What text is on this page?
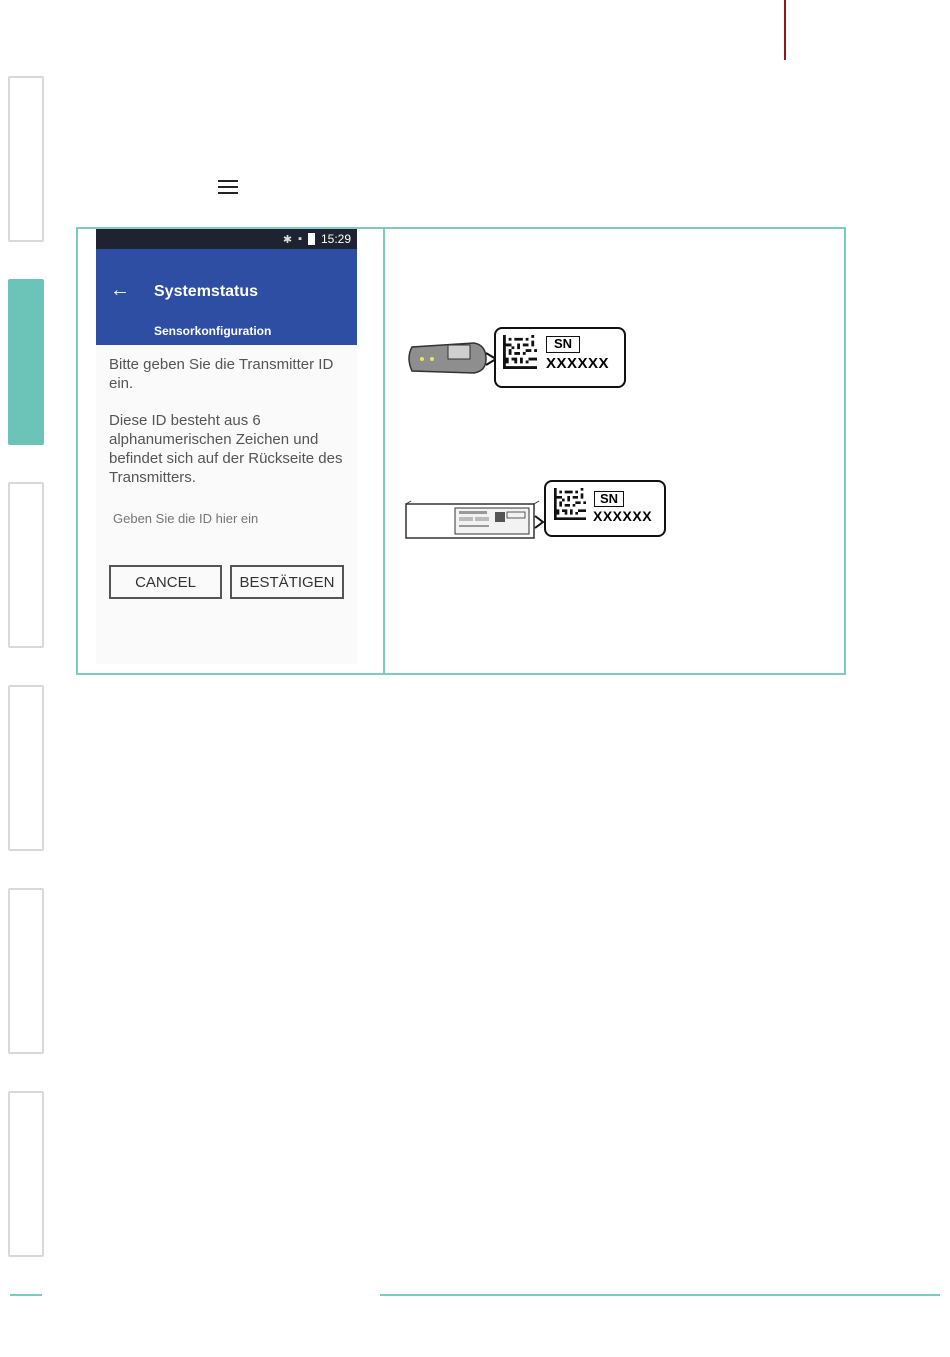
✱ ▪ 15:29
← Systemstatus
Sensorkonfiguration

Bitte geben Sie die Transmitter ID ein.

Diese ID besteht aus 6 alphanumerischen Zeichen und befindet sich auf der Rückseite des Transmitters.

Geben Sie die ID hier ein
CANCEL	BESTÄTIGEN
SN
XXXXXX
SN
XXXXXX
